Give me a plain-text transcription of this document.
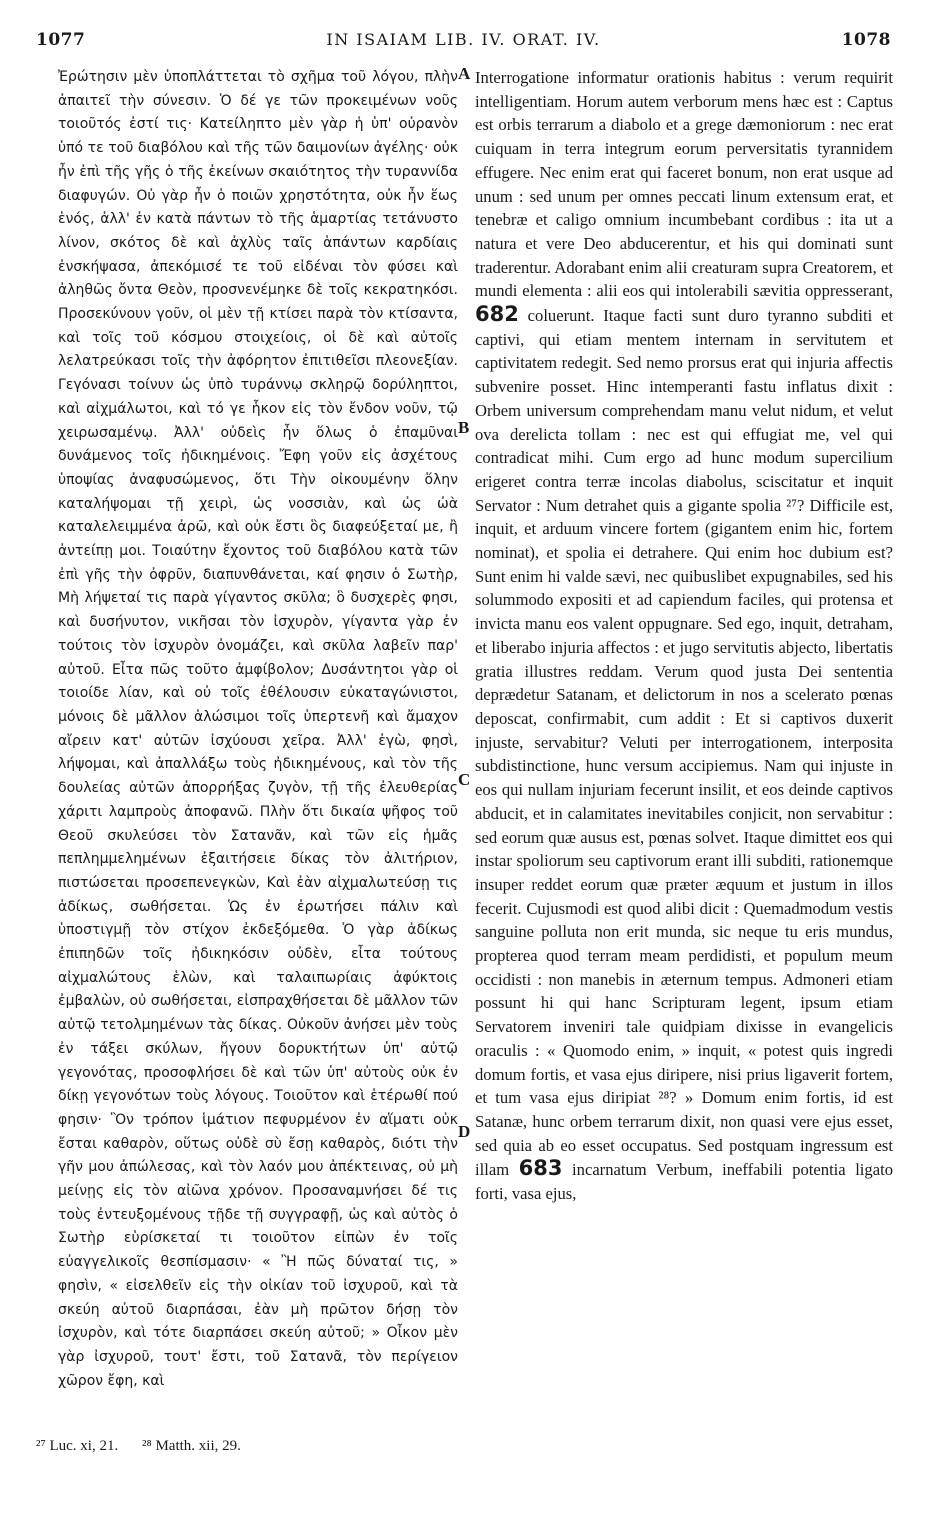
1077	IN ISAIAM LIB. IV. ORAT. IV.	1078

Ἐρώτησιν μὲν ὑποπλάττεται τὸ σχῆμα τοῦ λόγου, πλὴν ἀπαιτεῖ τὴν σύνεσιν. Ὁ δέ γε τῶν προκειμένων νοῦς τοιοῦτός ἐστί τις· Κατείληπτο μὲν γὰρ ἡ ὑπ' οὐρανὸν ὑπό τε τοῦ διαβόλου καὶ τῆς τῶν δαιμονίων ἀγέλης· οὐκ ἦν ἐπὶ τῆς γῆς ὁ τῆς ἐκείνων σκαιότητος τὴν τυραννίδα διαφυγών. Οὐ γὰρ ἦν ὁ ποιῶν χρηστότητα, οὐκ ἦν ἕως ἑνός, ἀλλ' ἐν κατὰ πάντων τὸ τῆς ἁμαρτίας τετάνυστο λίνον, σκότος δὲ καὶ ἀχλὺς ταῖς ἁπάντων καρδίαις ἐνσκήψασα, ἀπεκόμισέ τε τοῦ εἰδέναι τὸν φύσει καὶ ἀληθῶς ὄντα Θεὸν, προσνενέμηκε δὲ τοῖς κεκρατηκόσι. Προσεκύνουν γοῦν, οἱ μὲν τῇ κτίσει παρὰ τὸν κτίσαντα, καὶ τοῖς τοῦ κόσμου στοιχείοις, οἱ δὲ καὶ αὐτοῖς λελατρεύκασι τοῖς τὴν ἀφόρητον ἐπιτιθεῖσι πλεονεξίαν. Γεγόνασι τοίνυν ὡς ὑπὸ τυράννῳ σκληρῷ δορύληπτοι, καὶ αἰχμάλωτοι, καὶ τό γε ἧκον εἰς τὸν ἔνδον νοῦν, τῷ χειρωσαμένῳ. Ἀλλ' οὐδεὶς ἦν ὅλως ὁ ἐπαμῦναι δυνάμενος τοῖς ἠδικημένοις. Ἔφη γοῦν εἰς ἀσχέτους ὑποψίας ἀναφυσώμενος, ὅτι Τὴν οἰκουμένην ὅλην καταλήψομαι τῇ χειρὶ, ὡς νοσσιὰν, καὶ ὡς ὠὰ καταλελειμμένα ἀρῶ, καὶ οὐκ ἔστι ὃς διαφεύξεταί με, ἢ ἀντείπῃ μοι. Τοιαύτην ἔχοντος τοῦ διαβόλου κατὰ τῶν ἐπὶ γῆς τὴν ὀφρῦν, διαπυνθάνεται, καί φησιν ὁ Σωτὴρ, Μὴ λήψεταί τις παρὰ γίγαντος σκῦλα; ὃ δυσχερὲς φησι, καὶ δυσήνυτον, νικῆσαι τὸν ἰσχυρὸν, γίγαντα γὰρ ἐν τούτοις τὸν ἰσχυρὸν ὀνομάζει, καὶ σκῦλα λαβεῖν παρ' αὐτοῦ. Εἶτα πῶς τοῦτο ἀμφίβολον; Δυσάντητοι γὰρ οἱ τοιοίδε λίαν, καὶ οὐ τοῖς ἐθέλουσιν εὐκαταγώνιστοι, μόνοις δὲ μᾶλλον ἁλώσιμοι τοῖς ὑπερτενῆ καὶ ἄμαχον αἴρειν κατ' αὐτῶν ἰσχύουσι χεῖρα. Ἀλλ' ἐγὼ, φησὶ, λήψομαι, καὶ ἀπαλλάξω τοὺς ἠδικημένους, καὶ τὸν τῆς δουλείας αὐτῶν ἀπορρήξας ζυγὸν, τῇ τῆς ἐλευθερίας χάριτι λαμπροὺς ἀποφανῶ. Πλὴν ὅτι δικαία ψῆφος τοῦ Θεοῦ σκυλεύσει τὸν Σατανᾶν, καὶ τῶν εἰς ἡμᾶς πεπλημμελημένων ἐξαιτήσειε δίκας τὸν ἀλιτήριον, πιστώσεται προσεπενεγκὼν, Καὶ ἐὰν αἰχμαλωτεύσῃ τις ἀδίκως, σωθήσεται. Ὡς ἐν ἐρωτήσει πάλιν καὶ ὑποστιγμῇ τὸν στίχον ἐκδεξόμεθα. Ὁ γὰρ ἀδίκως ἐπιπηδῶν τοῖς ἠδικηκόσιν οὐδὲν, εἶτα τούτους αἰχμαλώτους ἑλὼν, καὶ ταλαιπωρίαις ἀφύκτοις ἐμβαλὼν, οὐ σωθήσεται, εἰσπραχθήσεται δὲ μᾶλλον τῶν αὐτῷ τετολμημένων τὰς δίκας. Οὐκοῦν ἀνήσει μὲν τοὺς ἐν τάξει σκύλων, ἤγουν δορυκτήτων ὑπ' αὐτῷ γεγονότας, προσοφλήσει δὲ καὶ τῶν ὑπ' αὐτοὺς οὐκ ἐν δίκῃ γεγονότων τοὺς λόγους. Τοιοῦτον καὶ ἑτέρωθί πού φησιν· Ὃν τρόπον ἱμάτιον πεφυρμένον ἐν αἵματι οὐκ ἔσται καθαρὸν, οὕτως οὐδὲ σὺ ἔσῃ καθαρὸς, διότι τὴν γῆν μου ἀπώλεσας, καὶ τὸν λαόν μου ἀπέκτεινας, οὐ μὴ μείνῃς εἰς τὸν αἰῶνα χρόνον. Προσαναμνήσει δέ τις τοὺς ἐντευξομένους τῇδε τῇ συγγραφῇ, ὡς καὶ αὐτὸς ὁ Σωτὴρ εὑρίσκεταί τι τοιοῦτον εἰπὼν ἐν τοῖς εὐαγγελικοῖς θεσπίσμασιν· « Ἢ πῶς δύναταί τις, » φησὶν, « εἰσελθεῖν εἰς τὴν οἰκίαν τοῦ ἰσχυροῦ, καὶ τὰ σκεύη αὐτοῦ διαρπάσαι, ἐὰν μὴ πρῶτον δήσῃ τὸν ἰσχυρὸν, καὶ τότε διαρπάσει σκεύη αὐτοῦ; » Οἶκον μὲν γὰρ ἰσχυροῦ, τουτ' ἔστι, τοῦ Σατανᾶ, τὸν περίγειον χῶρον ἔφη, καὶ

A
B
C
D

Interrogatione informatur orationis habitus : verum requirit intelligentiam. Horum autem verborum mens hæc est : Captus est orbis terrarum a diabolo et a grege dæmoniorum : nec erat cuiquam in terra integrum eorum perversitatis tyrannidem effugere. Nec enim erat qui faceret bonum, non erat usque ad unum : sed unum per omnes peccati linum extensum erat, et tenebræ et caligo omnium incumbebant cordibus : ita ut a natura et vere Deo abducerentur, et his qui dominati sunt traderentur. Adorabant enim alii creaturam supra Creatorem, et mundi elementa : alii eos qui intolerabili sævitia oppresserant, 682 coluerunt. Itaque facti sunt duro tyranno subditi et captivi, qui etiam mentem internam in servitutem et captivitatem redegit. Sed nemo prorsus erat qui injuria affectis subvenire posset. Hinc intemperanti fastu inflatus dixit : Orbem universum comprehendam manu velut nidum, et velut ova derelicta tollam : nec est qui effugiat me, vel qui contradicat mihi. Cum ergo ad hunc modum supercilium erigeret contra terræ incolas diabolus, sciscitatur et inquit Servator : Num detrahet quis a gigante spolia ²⁷? Difficile est, inquit, et arduum vincere fortem (gigantem enim hic, fortem nominat), et spolia ei detrahere. Qui enim hoc dubium est? Sunt enim hi valde sævi, nec quibuslibet expugnabiles, sed his solummodo expositi et ad capiendum faciles, qui protensa et invicta manu eos valent oppugnare. Sed ego, inquit, detraham, et liberabo injuria affectos : et jugo servitutis abjecto, libertatis gratia illustres reddam. Verum quod justa Dei sententia deprædetur Satanam, et delictorum in nos a scelerato pœnas deposcat, confirmabit, cum addit : Et si captivos duxerit injuste, servabitur? Veluti per interrogationem, interposita subdistinctione, hunc versum accipiemus. Nam qui injuste in eos qui nullam injuriam fecerunt insilit, et eos deinde captivos abducit, et in calamitates inevitabiles conjicit, non servabitur : sed eorum quæ ausus est, pœnas solvet. Itaque dimittet eos qui instar spoliorum seu captivorum erant illi subditi, rationemque insuper reddet eorum quæ præter æquum et justum in illos fecerit. Cujusmodi est quod alibi dicit : Quemadmodum vestis sanguine polluta non erit munda, sic neque tu eris mundus, propterea quod terram meam perdidisti, et populum meum occidisti : non manebis in æternum tempus. Admoneri etiam possunt hi qui hanc Scripturam legent, ipsum etiam Servatorem inveniri tale quidpiam dixisse in evangelicis oraculis : « Quomodo enim, » inquit, « potest quis ingredi domum fortis, et vasa ejus diripere, nisi prius ligaverit fortem, et tum vasa ejus diripiat ²⁸? » Domum enim fortis, id est Satanæ, hunc orbem terrarum dixit, non quasi vere ejus esset, sed quia ab eo esset occupatus. Sed postquam ingressum est illam 683 incarnatum Verbum, ineffabili potentia ligato forti, vasa ejus,

²⁷ Luc. xi, 21. ²⁸ Matth. xii, 29.
